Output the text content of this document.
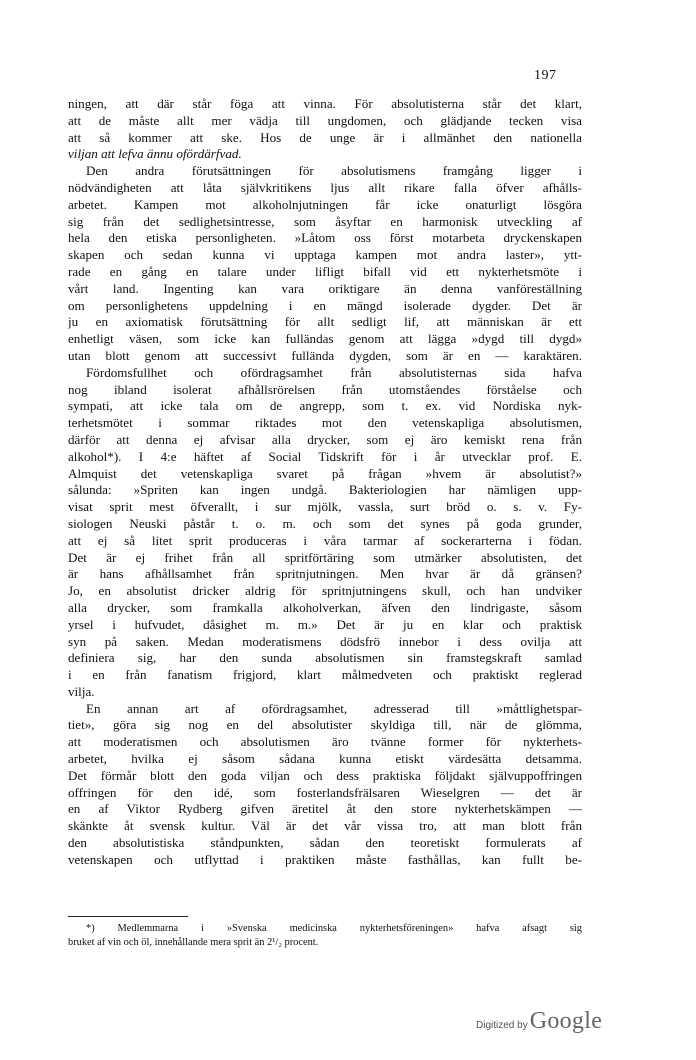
197
ningen, att där står föga att vinna. För absolutisterna står det klart,
att de måste allt mer vädja till ungdomen, och glädjande tecken visa
att så kommer att ske. Hos de unge är i allmänhet den nationella
viljan att lefva ännu ofördärfvad.
Den andra förutsättningen för absolutismens framgång ligger i
nödvändigheten att låta självkritikens ljus allt rikare falla öfver afhålls-
arbetet. Kampen mot alkoholnjutningen får icke onaturligt lösgöra
sig från det sedlighetsintresse, som åsyftar en harmonisk utveckling af
hela den etiska personligheten. »Låtom oss först motarbeta dryckenskapen
skapen och sedan kunna vi upptaga kampen mot andra laster», ytt-
rade en gång en talare under lifligt bifall vid ett nykterhetsmöte i
vårt land. Ingenting kan vara oriktigare än denna vanföreställning
om personlighetens uppdelning i en mängd isolerade dygder. Det är
ju en axiomatisk förutsättning för allt sedligt lif, att människan är ett
enhetligt väsen, som icke kan fulländas genom att lägga »dygd till dygd»
utan blott genom att successivt fulländа dygden, som är en — karaktären.
Fördomsfullhet och ofördragsamhet från absolutisternas sida hafva
nog ibland isolerat afhållsrörelsen från utomståendes förståelse och
sympati, att icke tala om de angrepp, som t. ex. vid Nordiska nyk-
terhetsmötet i sommar riktades mot den vetenskapliga absolutismen,
därför att denna ej afvisar alla drycker, som ej äro kemiskt rena från
alkohol*). I 4:e häftet af Social Tidskrift för i år utvecklar prof. E.
Almquist det vetenskapliga svaret på frågan »hvem är absolutist?»
sålunda: »Spriten kan ingen undgå. Bakteriologien har nämligen upp-
visat sprit mest öfverallt, i sur mjölk, vassla, surt bröd o. s. v. Fy-
siologen Neuski påstår t. o. m. och som det synes på goda grunder,
att ej så litet sprit produceras i våra tarmar af sockerarterna i födan.
Det är ej frihet från all spritförtäring som utmärker absolutisten, det
är hans afhållsamhet från spritnjutningen. Men hvar är då gränsen?
Jo, en absolutist dricker aldrig för spritnjutningens skull, och han undviker
alla drycker, som framkalla alkoholverkan, äfven den lindrigaste, såsom
yrsel i hufvudet, dåsighet m. m.» Det är ju en klar och praktisk
syn på saken. Medan moderatismens dödsfrö innebor i dess ovilja att
definiera sig, har den sunda absolutismen sin framstegskraft samlad
i en från fanatism frigjord, klart målmedveten och praktiskt reglerad
vilja.
En annan art af ofördragsamhet, adresserad till »måttlighetspar-
tiet», göra sig nog en del absolutister skyldiga till, när de glömma,
att moderatismen och absolutismen äro tvänne former för nykterhets-
arbetet, hvilka ej såsom sådana kunna etiskt värdesätta detsamma.
Det förmår blott den goda viljan och dess praktiska följdakt självuppoffringen
offringen för den idé, som fosterlandsfrälsaren Wieselgren — det är
en af Viktor Rydberg gifven äretitel åt den store nykterhetskämpen —
skänkte åt svensk kultur. Väl är det vår vissa tro, att man blott från
den absolutistiska ståndpunkten, sådan den teoretiskt formulerats af
vetenskapen och utflyttad i praktiken måste fasthållas, kan fullt be-
*) Medlemmarna i »Svenska medicinska nykterhetsföreningen» hafva afsagt sig
bruket af vin och öl, innehållande mera sprit än 2¹/₂ procent.
Digitized by Google
